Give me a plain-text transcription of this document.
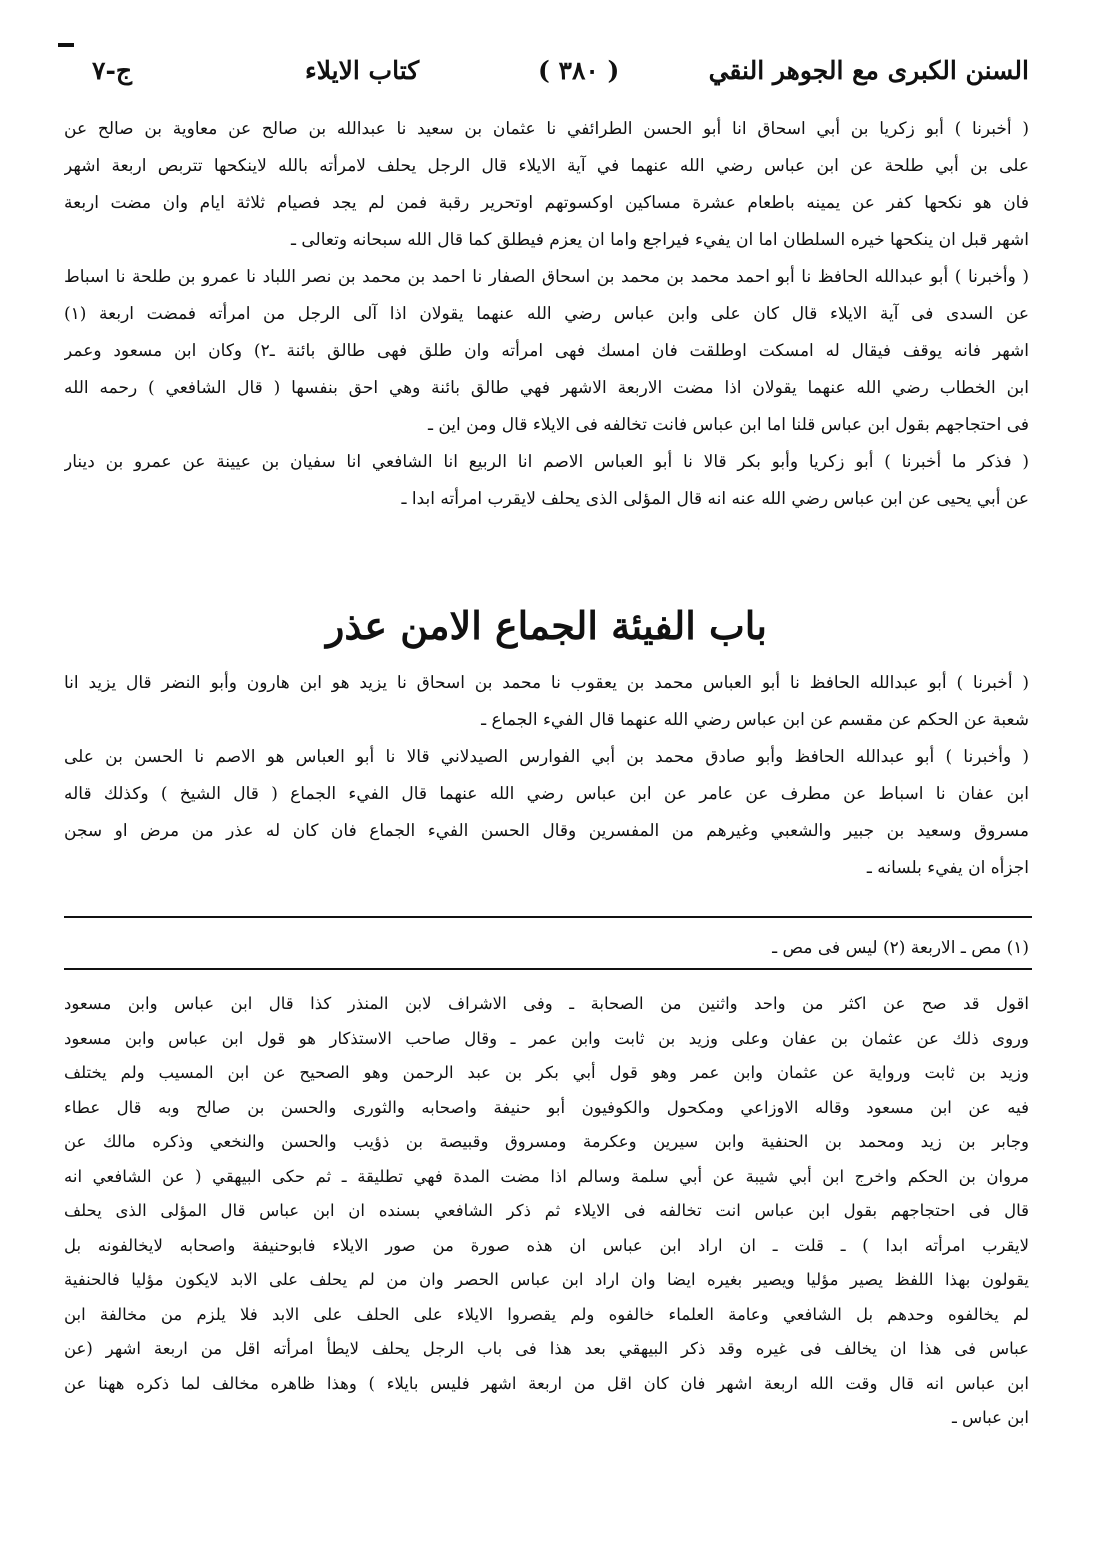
السنن الكبرى مع الجوهر النقي
( ٣٨٠ )
كتاب الايلاء
ج-٧
( أخبرنا ) أبو زكريا بن أبي اسحاق انا أبو الحسن الطرائفي نا عثمان بن سعيد نا عبدالله بن صالح عن معاوية بن صالح عن
على بن أبي طلحة عن ابن عباس رضي الله عنهما في آية الايلاء قال الرجل يحلف لامرأته بالله لاينكحها تتربص اربعة اشهر
فان هو نكحها كفر عن يمينه باطعام عشرة مساكين اوكسوتهم اوتحرير رقبة فمن لم يجد فصيام ثلاثة ايام وان مضت اربعة
اشهر قبل ان ينكحها خيره السلطان اما ان يفيء فيراجع واما ان يعزم فيطلق كما قال الله سبحانه وتعالى ـ
( وأخبرنا ) أبو عبدالله الحافظ نا أبو احمد محمد بن محمد بن اسحاق الصفار نا احمد بن محمد بن نصر اللباد نا عمرو بن طلحة نا اسباط
عن السدى فى آية الايلاء قال كان على وابن عباس رضي الله عنهما يقولان اذا آلى الرجل من امرأته فمضت اربعة (١)
اشهر فانه يوقف فيقال له امسكت اوطلقت فان امسك فهى امرأته وان طلق فهى طالق بائنة ـ٢) وكان ابن مسعود وعمر
ابن الخطاب رضي الله عنهما يقولان اذا مضت الاربعة الاشهر فهي طالق بائنة وهي احق بنفسها ( قال الشافعي ) رحمه الله
فى احتجاجهم بقول ابن عباس قلنا اما ابن عباس فانت تخالفه فى الايلاء قال ومن اين ـ
( فذكر ما أخبرنا ) أبو زكريا وأبو بكر قالا نا أبو العباس الاصم انا الربيع انا الشافعي انا سفيان بن عيينة عن عمرو بن دينار
عن أبي يحيى عن ابن عباس رضي الله عنه انه قال المؤلى الذى يحلف لايقرب امرأته ابدا ـ
باب الفيئة الجماع الامن عذر
( أخبرنا ) أبو عبدالله الحافظ نا أبو العباس محمد بن يعقوب نا محمد بن اسحاق نا يزيد هو ابن هارون وأبو النضر قال يزيد انا
شعبة عن الحكم عن مقسم عن ابن عباس رضي الله عنهما قال الفيء الجماع ـ
( وأخبرنا ) أبو عبدالله الحافظ وأبو صادق محمد بن أبي الفوارس الصيدلاني قالا نا أبو العباس هو الاصم نا الحسن بن على
ابن عفان نا اسباط عن مطرف عن عامر عن ابن عباس رضي الله عنهما قال الفيء الجماع ( قال الشيخ ) وكذلك قاله
مسروق وسعيد بن جبير والشعبي وغيرهم من المفسرين وقال الحسن الفيء الجماع فان كان له عذر من مرض او سجن
اجزأه ان يفيء بلسانه ـ
(١) مص ـ الاربعة (٢) ليس فى مص ـ
اقول قد صح عن اكثر من واحد واثنين من الصحابة ـ وفى الاشراف لابن المنذر كذا قال ابن عباس وابن مسعود
وروى ذلك عن عثمان بن عفان وعلى وزيد بن ثابت وابن عمر ـ وقال صاحب الاستذكار هو قول ابن عباس وابن مسعود
وزيد بن ثابت ورواية عن عثمان وابن عمر وهو قول أبي بكر بن عبد الرحمن وهو الصحيح عن ابن المسيب ولم يختلف
فيه عن ابن مسعود وقاله الاوزاعي ومكحول والكوفيون أبو حنيفة واصحابه والثورى والحسن بن صالح وبه قال عطاء
وجابر بن زيد ومحمد بن الحنفية وابن سيرين وعكرمة ومسروق وقبيصة بن ذؤيب والحسن والنخعي وذكره مالك عن
مروان بن الحكم واخرج ابن أبي شيبة عن أبي سلمة وسالم اذا مضت المدة فهي تطليقة ـ ثم حكى البيهقي ( عن الشافعي انه
قال فى احتجاجهم بقول ابن عباس انت تخالفه فى الايلاء ثم ذكر الشافعي بسنده ان ابن عباس قال المؤلى الذى يحلف
لايقرب امرأته ابدا ) ـ قلت ـ ان اراد ابن عباس ان هذه صورة من صور الايلاء فابوحنيفة واصحابه لايخالفونه بل
يقولون بهذا اللفظ يصير مؤليا ويصير بغيره ايضا وان اراد ابن عباس الحصر وان من لم يحلف على الابد لايكون مؤليا فالحنفية
لم يخالفوه وحدهم بل الشافعي وعامة العلماء خالفوه ولم يقصروا الايلاء على الحلف على الابد فلا يلزم من مخالفة ابن
عباس فى هذا ان يخالف فى غيره وقد ذكر البيهقي بعد هذا فى باب الرجل يحلف لايطأ امرأته اقل من اربعة اشهر (عن
ابن عباس انه قال وقت الله اربعة اشهر فان كان اقل من اربعة اشهر فليس بايلاء ) وهذا ظاهره مخالف لما ذكره ههنا عن
ابن عباس ـ
